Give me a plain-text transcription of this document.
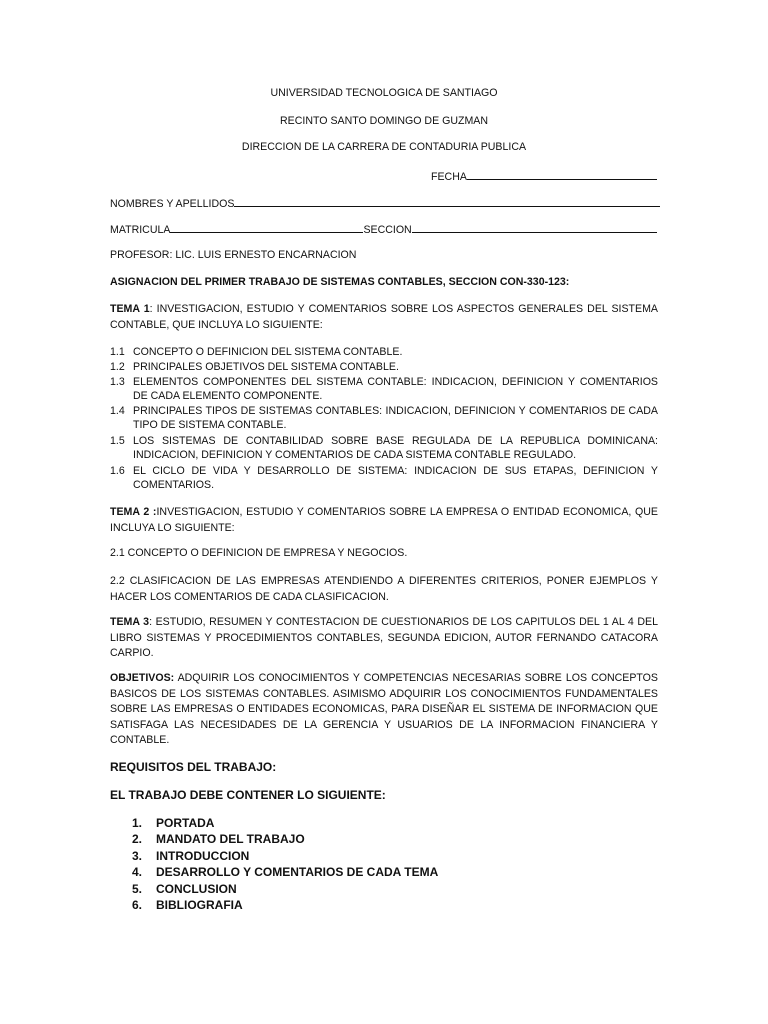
UNIVERSIDAD TECNOLOGICA DE SANTIAGO
RECINTO SANTO DOMINGO DE GUZMAN
DIRECCION DE LA CARRERA DE CONTADURIA PUBLICA
FECHA
NOMBRES Y APELLIDOS
MATRICULA	SECCION
PROFESOR: LIC. LUIS ERNESTO ENCARNACION
ASIGNACION DEL PRIMER TRABAJO DE SISTEMAS CONTABLES, SECCION CON-330-123:
TEMA 1: INVESTIGACION, ESTUDIO Y COMENTARIOS SOBRE LOS ASPECTOS GENERALES DEL SISTEMA CONTABLE, QUE INCLUYA LO SIGUIENTE:
1.1 CONCEPTO O DEFINICION DEL SISTEMA CONTABLE.
1.2 PRINCIPALES OBJETIVOS DEL SISTEMA CONTABLE.
1.3 ELEMENTOS COMPONENTES DEL SISTEMA CONTABLE: INDICACION, DEFINICION Y COMENTARIOS DE CADA ELEMENTO COMPONENTE.
1.4 PRINCIPALES TIPOS DE SISTEMAS CONTABLES: INDICACION, DEFINICION Y COMENTARIOS DE CADA TIPO DE SISTEMA CONTABLE.
1.5 LOS SISTEMAS DE CONTABILIDAD SOBRE BASE REGULADA DE LA REPUBLICA DOMINICANA: INDICACION, DEFINICION Y COMENTARIOS DE CADA SISTEMA CONTABLE REGULADO.
1.6 EL CICLO DE VIDA Y DESARROLLO DE SISTEMA: INDICACION DE SUS ETAPAS, DEFINICION Y COMENTARIOS.
TEMA 2 :INVESTIGACION, ESTUDIO Y COMENTARIOS SOBRE LA EMPRESA O ENTIDAD ECONOMICA, QUE INCLUYA LO SIGUIENTE:
2.1 CONCEPTO O DEFINICION DE EMPRESA Y NEGOCIOS.
2.2 CLASIFICACION DE LAS EMPRESAS ATENDIENDO A DIFERENTES CRITERIOS, PONER EJEMPLOS Y HACER LOS COMENTARIOS DE CADA CLASIFICACION.
TEMA 3: ESTUDIO, RESUMEN Y CONTESTACION DE CUESTIONARIOS DE LOS CAPITULOS DEL 1 AL 4 DEL LIBRO SISTEMAS Y PROCEDIMIENTOS CONTABLES, SEGUNDA EDICION, AUTOR FERNANDO CATACORA CARPIO.
OBJETIVOS: ADQUIRIR LOS CONOCIMIENTOS Y COMPETENCIAS NECESARIAS SOBRE LOS CONCEPTOS BASICOS DE LOS SISTEMAS CONTABLES. ASIMISMO ADQUIRIR LOS CONOCIMIENTOS FUNDAMENTALES SOBRE LAS EMPRESAS O ENTIDADES ECONOMICAS, PARA DISEÑAR EL SISTEMA DE INFORMACION QUE SATISFAGA LAS NECESIDADES DE LA GERENCIA Y USUARIOS DE LA INFORMACION FINANCIERA Y CONTABLE.
REQUISITOS DEL TRABAJO:
EL TRABAJO DEBE CONTENER LO SIGUIENTE:
1. PORTADA
2. MANDATO DEL TRABAJO
3. INTRODUCCION
4. DESARROLLO Y COMENTARIOS DE CADA TEMA
5. CONCLUSION
6. BIBLIOGRAFIA
